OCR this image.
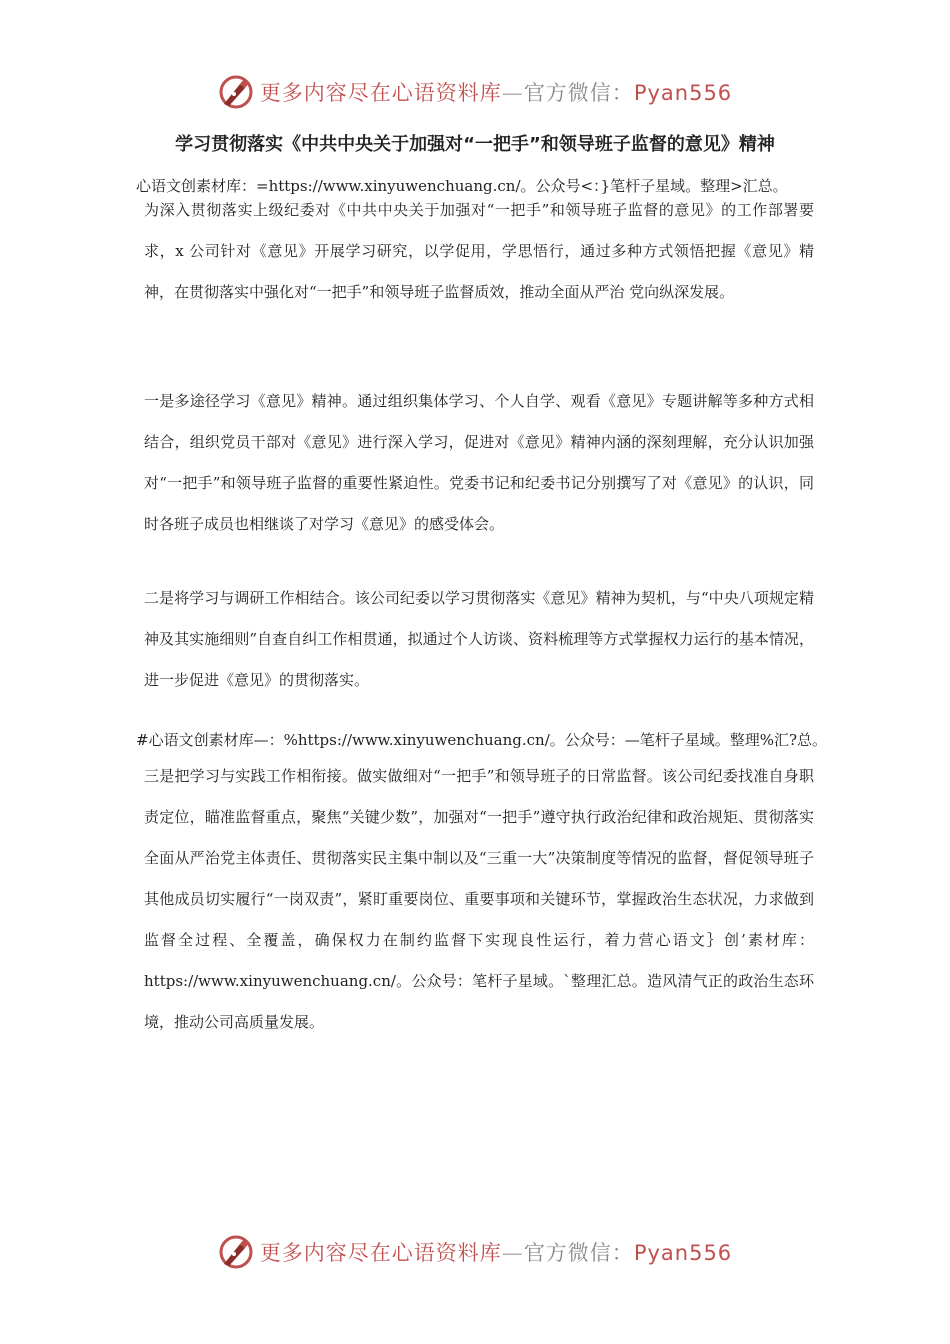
更多内容尽在心语资料库—官方微信：Pyan556
学习贯彻落实《中共中央关于加强对“一把手”和领导班子监督的意见》精神
心语文创素材库：=https://www.xinyuwenchuang.cn/。公众号<：}笔杆子星域。整理>汇总。
为深入贯彻落实上级纪委对《中共中央关于加强对“一把手”和领导班子监督的意见》的工作部署要求，x 公司针对《意见》开展学习研究，以学促用，学思悟行，通过多种方式领悟把握《意见》精神，在贯彻落实中强化对“一把手”和领导班子监督质效，推动全面从严治 党向纵深发展。
一是多途径学习《意见》精神。通过组织集体学习、个人自学、观看《意见》专题讲解等多种方式相结合，组织党员干部对《意见》进行深入学习，促进对《意见》精神内涵的深刻理解，充分认识加强对“一把手”和领导班子监督的重要性紧迫性。党委书记和纪委书记分别撰写了对《意见》的认识，同时各班子成员也相继谈了对学习《意见》的感受体会。
二是将学习与调研工作相结合。该公司纪委以学习贯彻落实《意见》精神为契机，与“中央八项规定精神及其实施细则”自查自纠工作相贯通，拟通过个人访谈、资料梳理等方式掌握权力运行的基本情况，进一步促进《意见》的贯彻落实。
#心语文创素材库—：%https://www.xinyuwenchuang.cn/。公众号：—笔杆子星域。整理%汇?总。
三是把学习与实践工作相衔接。做实做细对“一把手”和领导班子的日常监督。该公司纪委找准自身职责定位，瞄准监督重点，聚焦“关键少数”，加强对“一把手”遵守执行政治纪律和政治规矩、贯彻落实全面从严治党主体责任、贯彻落实民主集中制以及“三重一大”决策制度等情况的监督，督促领导班子其他成员切实履行“一岗双责”，紧盯重要岗位、重要事项和关键环节，掌握政治生态状况，力求做到监督全过程、全覆盖，确保权力在制约监督下实现良性运行，着力营心语文｝创’素材库：https://www.xinyuwenchuang.cn/。公众号：笔杆子星域。`整理汇总。造风清气正的政治生态环境，推动公司高质量发展。
更多内容尽在心语资料库—官方微信：Pyan556
